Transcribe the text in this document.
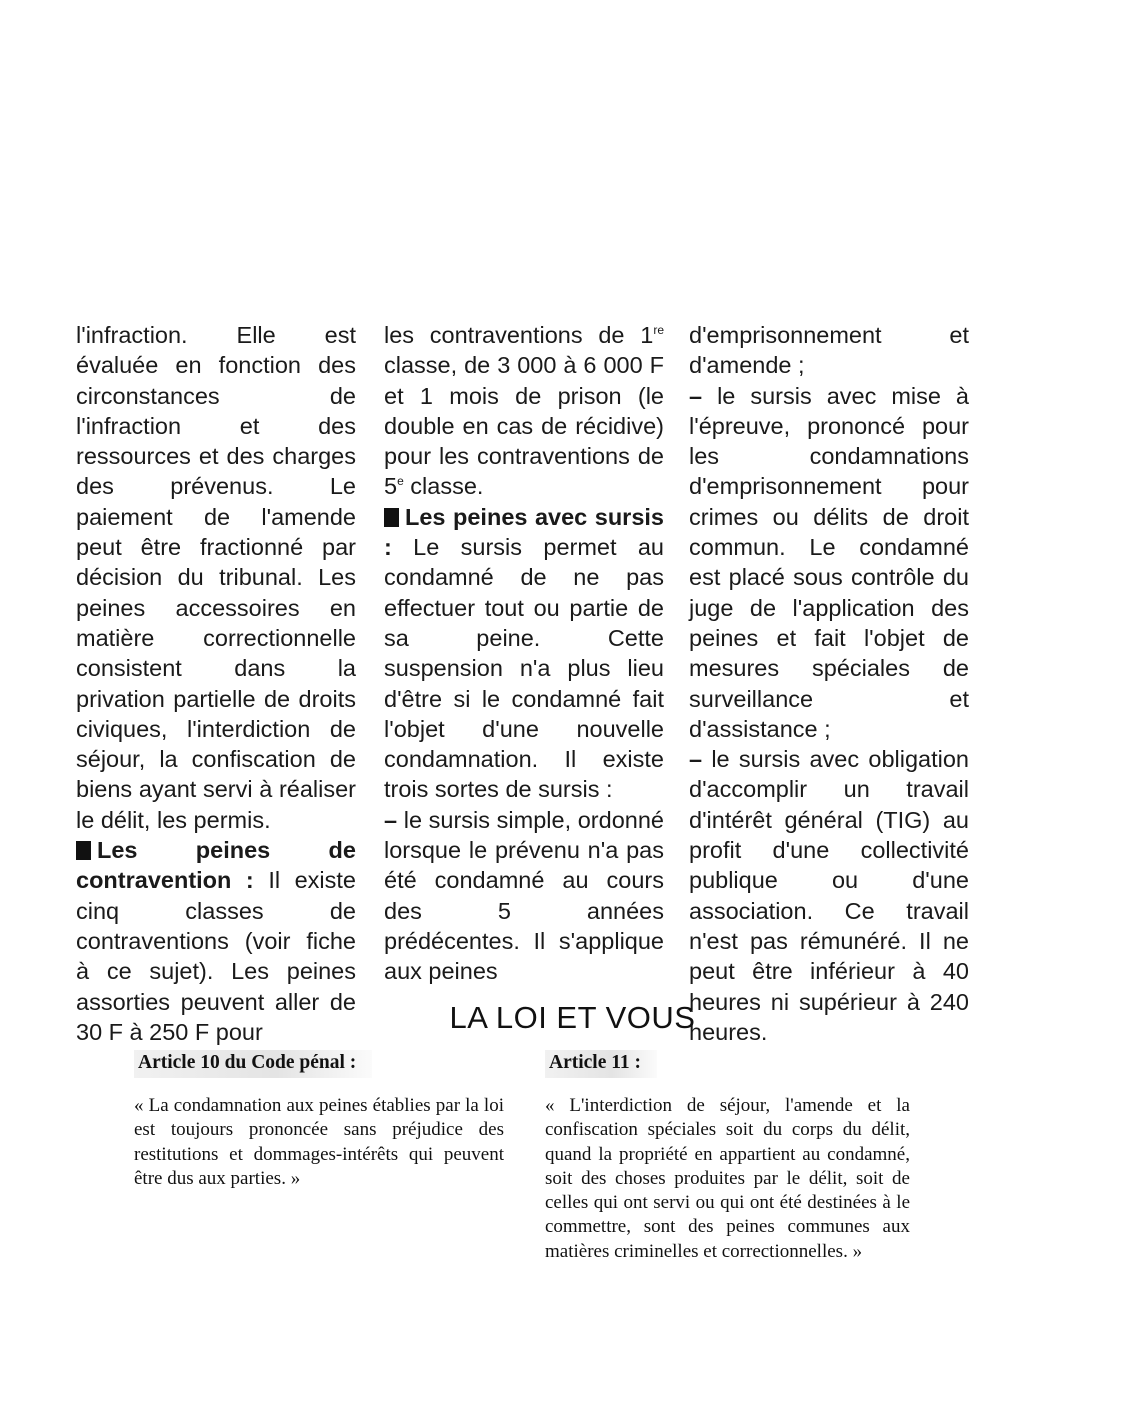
l'infraction. Elle est évaluée en fonction des circonstances de l'infraction et des ressources et des charges des prévenus. Le paiement de l'amende peut être fractionné par décision du tribunal. Les peines accessoires en matière correctionnelle consistent dans la privation partielle de droits civiques, l'interdiction de séjour, la confiscation de biens ayant servi à réaliser le délit, les permis.

Les peines de contravention : Il existe cinq classes de contraventions (voir fiche à ce sujet). Les peines assorties peuvent aller de 30 F à 250 F pour

les contraventions de 1re classe, de 3 000 à 6 000 F et 1 mois de prison (le double en cas de récidive) pour les contraventions de 5e classe.

Les peines avec sursis : Le sursis permet au condamné de ne pas effectuer tout ou partie de sa peine. Cette suspension n'a plus lieu d'être si le condamné fait l'objet d'une nouvelle condamnation. Il existe trois sortes de sursis :

– le sursis simple, ordonné lorsque le prévenu n'a pas été condamné au cours des 5 années prédécentes. Il s'applique aux peines

d'emprisonnement et d'amende ;

– le sursis avec mise à l'épreuve, prononcé pour les condamnations d'emprisonnement pour crimes ou délits de droit commun. Le condamné est placé sous contrôle du juge de l'application des peines et fait l'objet de mesures spéciales de surveillance et d'assistance ;

– le sursis avec obligation d'accomplir un travail d'intérêt général (TIG) au profit d'une collectivité publique ou d'une association. Ce travail n'est pas rémunéré. Il ne peut être inférieur à 40 heures ni supérieur à 240 heures.

LA LOI ET VOUS
Article 10 du Code pénal :

« La condamnation aux peines établies par la loi est toujours prononcée sans préjudice des restitutions et dommages-intérêts qui peuvent être dus aux parties. »

Article 11 :

« L'interdiction de séjour, l'amende et la confiscation spéciales soit du corps du délit, quand la propriété en appartient au condamné, soit des choses produites par le délit, soit de celles qui ont servi ou qui ont été destinées à le commettre, sont des peines communes aux matières criminelles et correctionnelles. »
